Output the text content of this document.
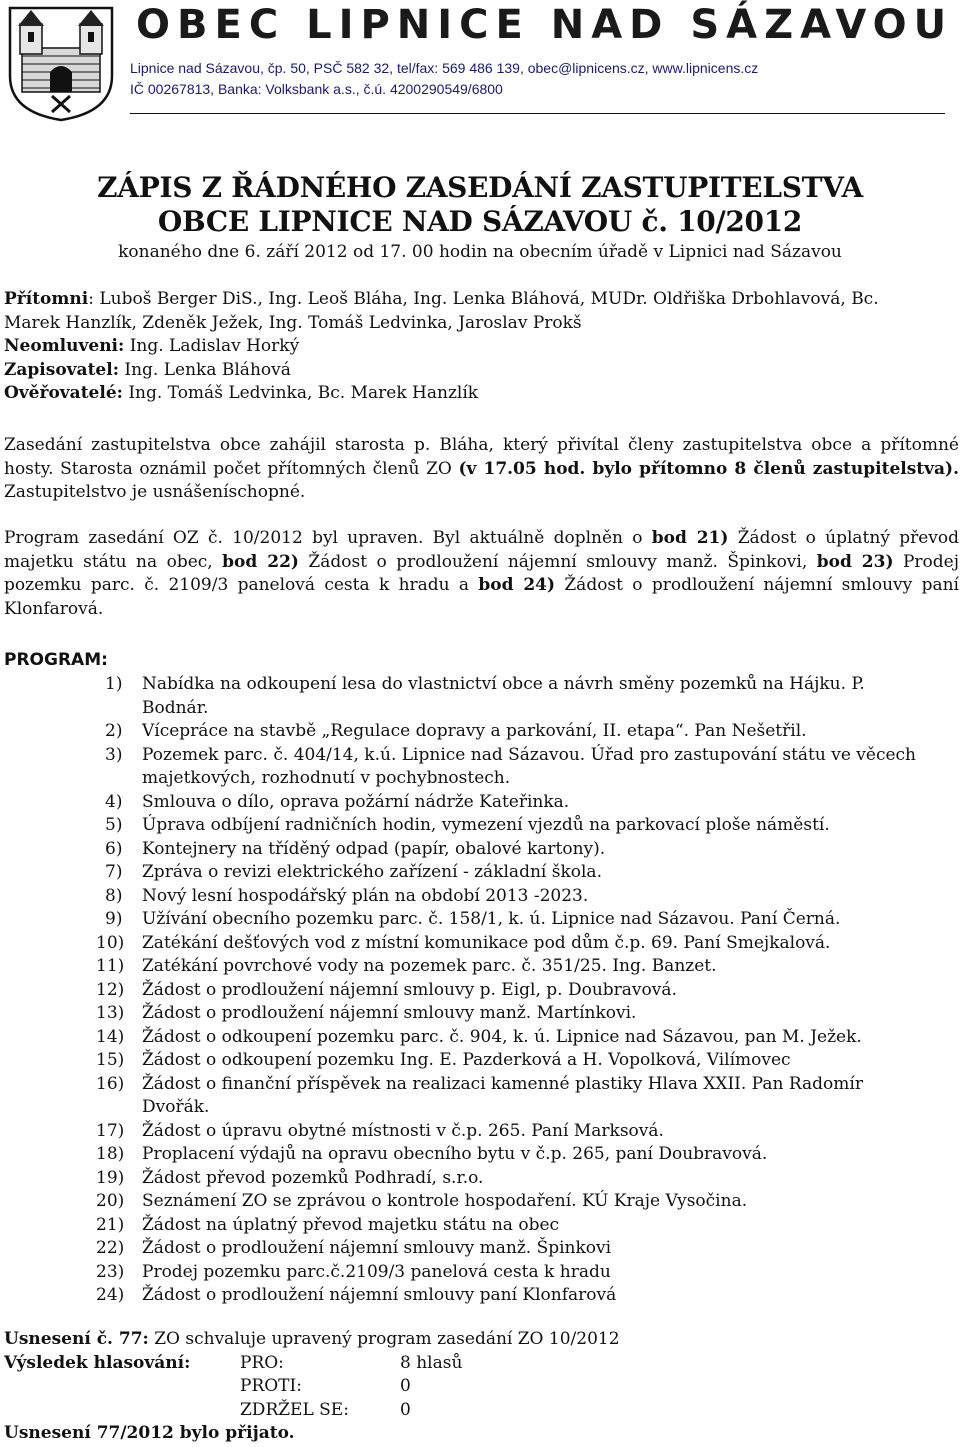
OBEC LIPNICE NAD SÁZAVOU
Lipnice nad Sázavou, čp. 50, PSČ 582 32, tel/fax: 569 486 139, obec@lipnicens.cz, www.lipnicens.cz
IČ 00267813, Banka: Volksbank a.s., č.ú. 4200290549/6800
ZÁPIS Z ŘÁDNÉHO ZASEDÁNÍ ZASTUPITELSTVA
OBCE LIPNICE NAD SÁZAVOU č. 10/2012
konaného dne 6. září 2012 od 17. 00 hodin na obecním úřadě v Lipnici nad Sázavou

Přítomni: Luboš Berger DiS., Ing. Leoš Bláha, Ing. Lenka Bláhová, MUDr. Oldřiška Drbohlavová, Bc.

Marek Hanzlík, Zdeněk Ježek, Ing. Tomáš Ledvinka, Jaroslav Prokš

Neomluveni: Ing. Ladislav Horký

Zapisovatel: Ing. Lenka Bláhová

Ověřovatelé: Ing. Tomáš Ledvinka, Bc. Marek Hanzlík

Zasedání zastupitelstva obce zahájil starosta p. Bláha, který přivítal členy zastupitelstva obce a přítomné hosty. Starosta oznámil počet přítomných členů ZO (v 17.05 hod. bylo přítomno 8 členů zastupitelstva). Zastupitelstvo je usnášeníschopné.

Program zasedání OZ č. 10/2012 byl upraven. Byl aktuálně doplněn o bod 21) Žádost o úplatný převod majetku státu na obec, bod 22) Žádost o prodloužení nájemní smlouvy manž. Špinkovi, bod 23) Prodej pozemku parc. č. 2109/3 panelová cesta k hradu a bod 24) Žádost o prodloužení nájemní smlouvy paní Klonfarová.

PROGRAM:
1) Nabídka na odkoupení lesa do vlastnictví obce a návrh směny pozemků na Hájku. P. Bodnár.
2) Vícepráce na stavbě „Regulace dopravy a parkování, II. etapa“. Pan Nešetřil.
3) Pozemek parc. č. 404/14, k.ú. Lipnice nad Sázavou. Úřad pro zastupování státu ve věcech majetkových, rozhodnutí v pochybnostech.
4) Smlouva o dílo, oprava požární nádrže Kateřinka.
5) Úprava odbíjení radničních hodin, vymezení vjezdů na parkovací ploše náměstí.
6) Kontejnery na tříděný odpad (papír, obalové kartony).
7) Zpráva o revizi elektrického zařízení - základní škola.
8) Nový lesní hospodářský plán na období 2013 -2023.
9) Užívání obecního pozemku parc. č. 158/1, k. ú. Lipnice nad Sázavou. Paní Černá.
10) Zatékání dešťových vod z místní komunikace pod dům č.p. 69. Paní Smejkalová.
11) Zatékání povrchové vody na pozemek parc. č. 351/25. Ing. Banzet.
12) Žádost o prodloužení nájemní smlouvy p. Eigl, p. Doubravová.
13) Žádost o prodloužení nájemní smlouvy manž. Martínkovi.
14) Žádost o odkoupení pozemku parc. č. 904, k. ú. Lipnice nad Sázavou, pan M. Ježek.
15) Žádost o odkoupení pozemku Ing. E. Pazderková a H. Vopolková, Vilímovec
16) Žádost o finanční příspěvek na realizaci kamenné plastiky Hlava XXII. Pan Radomír Dvořák.
17) Žádost o úpravu obytné místnosti v č.p. 265. Paní Marksová.
18) Proplacení výdajů na opravu obecního bytu v č.p. 265, paní Doubravová.
19) Žádost převod pozemků Podhradí, s.r.o.
20) Seznámení ZO se zprávou o kontrole hospodaření. KÚ Kraje Vysočina.
21) Žádost na úplatný převod majetku státu na obec
22) Žádost o prodloužení nájemní smlouvy manž. Špinkovi
23) Prodej pozemku parc.č.2109/3 panelová cesta k hradu
24) Žádost o prodloužení nájemní smlouvy paní Klonfarová
Usnesení č. 77: ZO schvaluje upravený program zasedání ZO 10/2012
Výsledek hlasování:	PRO:	8 hlasů
PROTI:	0
ZDRŽEL SE:	0
Usnesení 77/2012 bylo přijato.
